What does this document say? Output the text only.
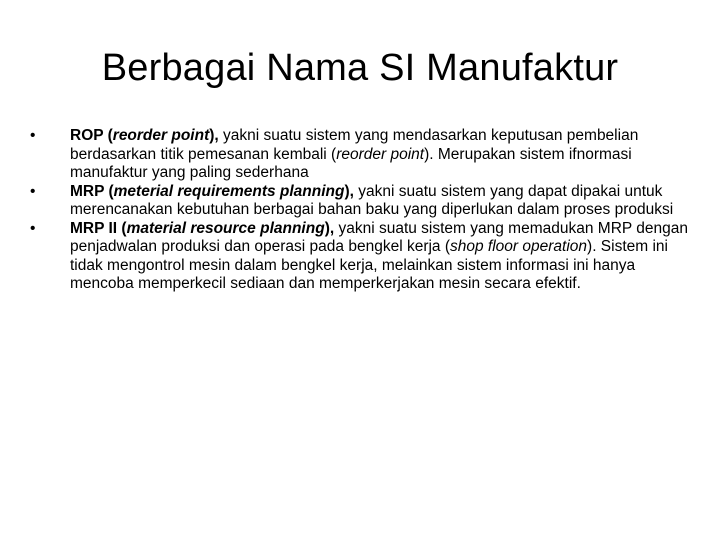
Berbagai Nama SI Manufaktur
•	ROP (reorder point), yakni suatu sistem yang mendasarkan keputusan pembelian berdasarkan titik pemesanan kembali (reorder point). Merupakan sistem ifnormasi manufaktur yang paling sederhana
•	MRP (meterial requirements planning), yakni suatu sistem yang dapat dipakai untuk merencanakan kebutuhan berbagai bahan baku yang diperlukan dalam proses produksi
•	MRP II (material resource planning), yakni suatu sistem yang memadukan MRP dengan penjadwalan produksi dan operasi pada bengkel kerja (shop floor operation). Sistem ini tidak mengontrol mesin dalam bengkel kerja, melainkan sistem informasi ini hanya mencoba memperkecil sediaan dan memperkerjakan mesin secara efektif.
